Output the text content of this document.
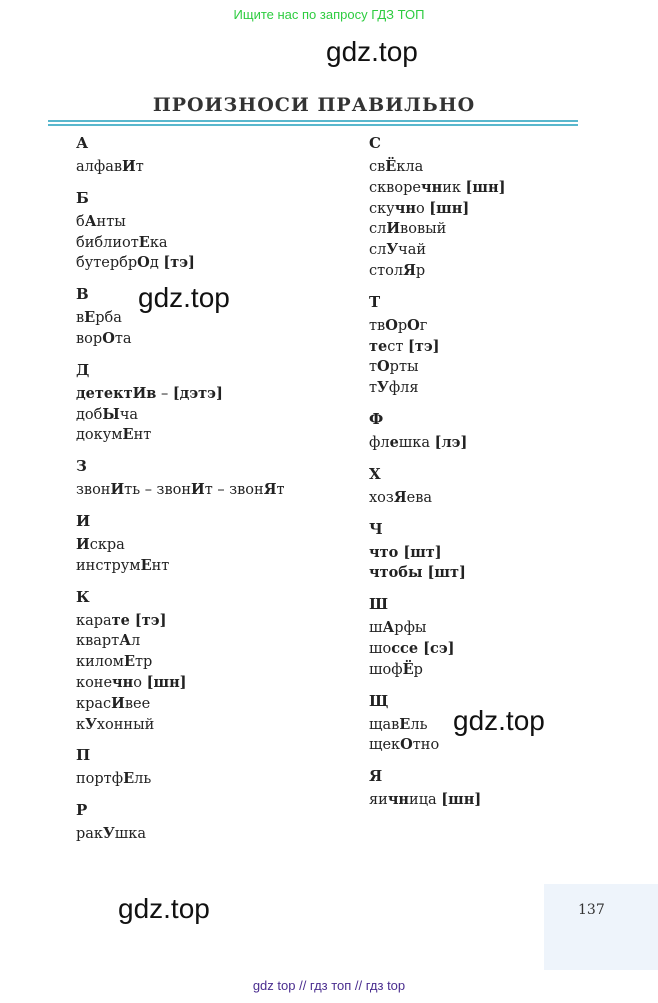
Ищите нас по запросу ГДЗ ТОП
gdz.top
gdz.top
gdz.top
gdz.top
ПРОИЗНОСИ ПРАВИЛЬНО
А
алфавИт
Б
бАнты
библиотЕка
бутербрОд [тэ]
В
вЕрба
ворОта
Д
детектИв – [дэтэ]
добЫча
докумЕнт
З
звонИть – звонИт – звонЯт
И
Искра
инструмЕнт
К
карате [тэ]
квартАл
киломЕтр
конечно [шн]
красИвее
кУхонный
П
портфЕль
Р
ракУшка
С
свЁкла
скворечник [шн]
скучно [шн]
слИвовый
слУчай
столЯр
Т
твОрОг
тест [тэ]
тОрты
тУфля
Ф
флешка [лэ]
Х
хозЯева
Ч
что [шт]
чтобы [шт]
Ш
шАрфы
шоссе [сэ]
шофЁр
Щ
щавЕль
щекОтно
Я
яичница [шн]
137
gdz top // гдз топ // гдз top
